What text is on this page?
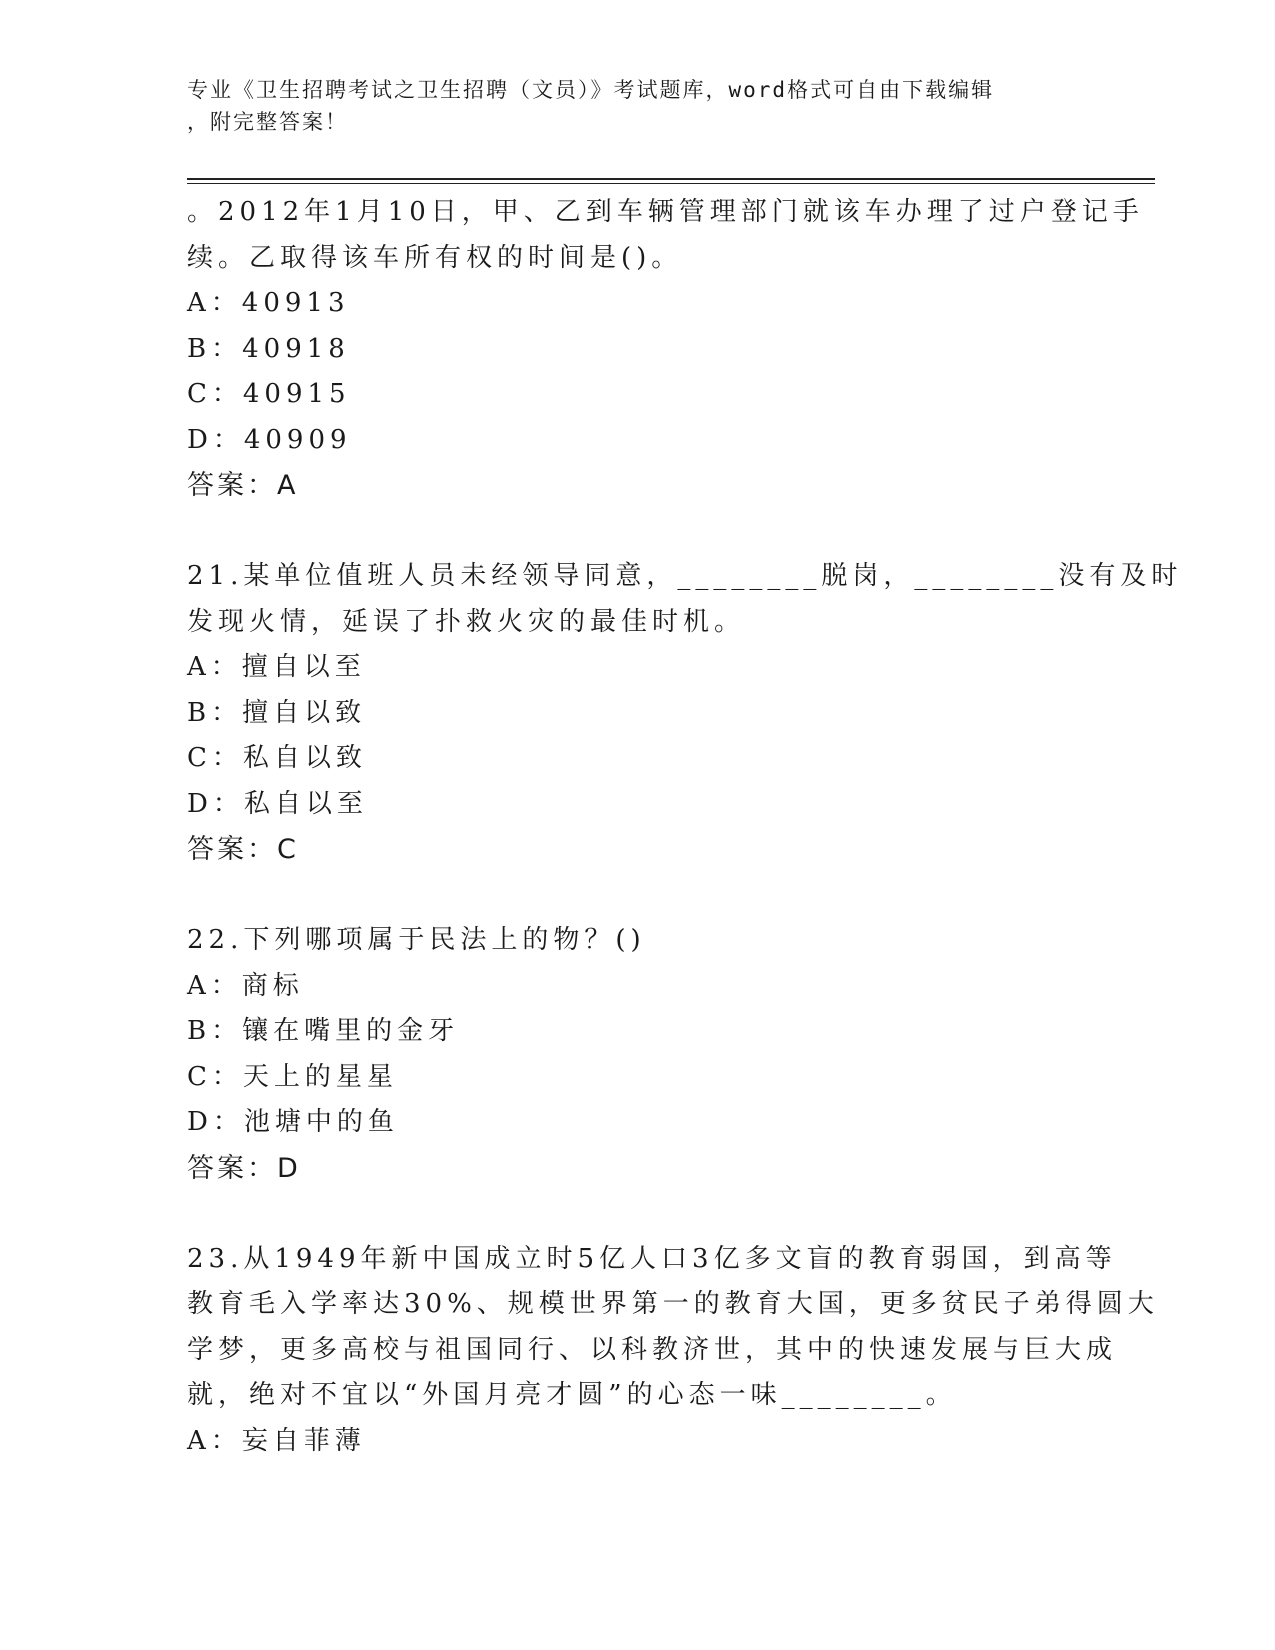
专业《卫生招聘考试之卫生招聘（文员）》考试题库，word格式可自由下载编辑
，附完整答案！
。2012年1月10日，甲、乙到车辆管理部门就该车办理了过户登记手
续。乙取得该车所有权的时间是()。
A：40913
B：40918
C：40915
D：40909
答案：A
21.某单位值班人员未经领导同意，________脱岗，________没有及时
发现火情，延误了扑救火灾的最佳时机。
A：擅自以至
B：擅自以致
C：私自以致
D：私自以至
答案：C
22.下列哪项属于民法上的物？()
A：商标
B：镶在嘴里的金牙
C：天上的星星
D：池塘中的鱼
答案：D
23.从1949年新中国成立时5亿人口3亿多文盲的教育弱国，到高等
教育毛入学率达30%、规模世界第一的教育大国，更多贫民子弟得圆大
学梦，更多高校与祖国同行、以科教济世，其中的快速发展与巨大成
就，绝对不宜以“外国月亮才圆”的心态一味________。
A：妄自菲薄
